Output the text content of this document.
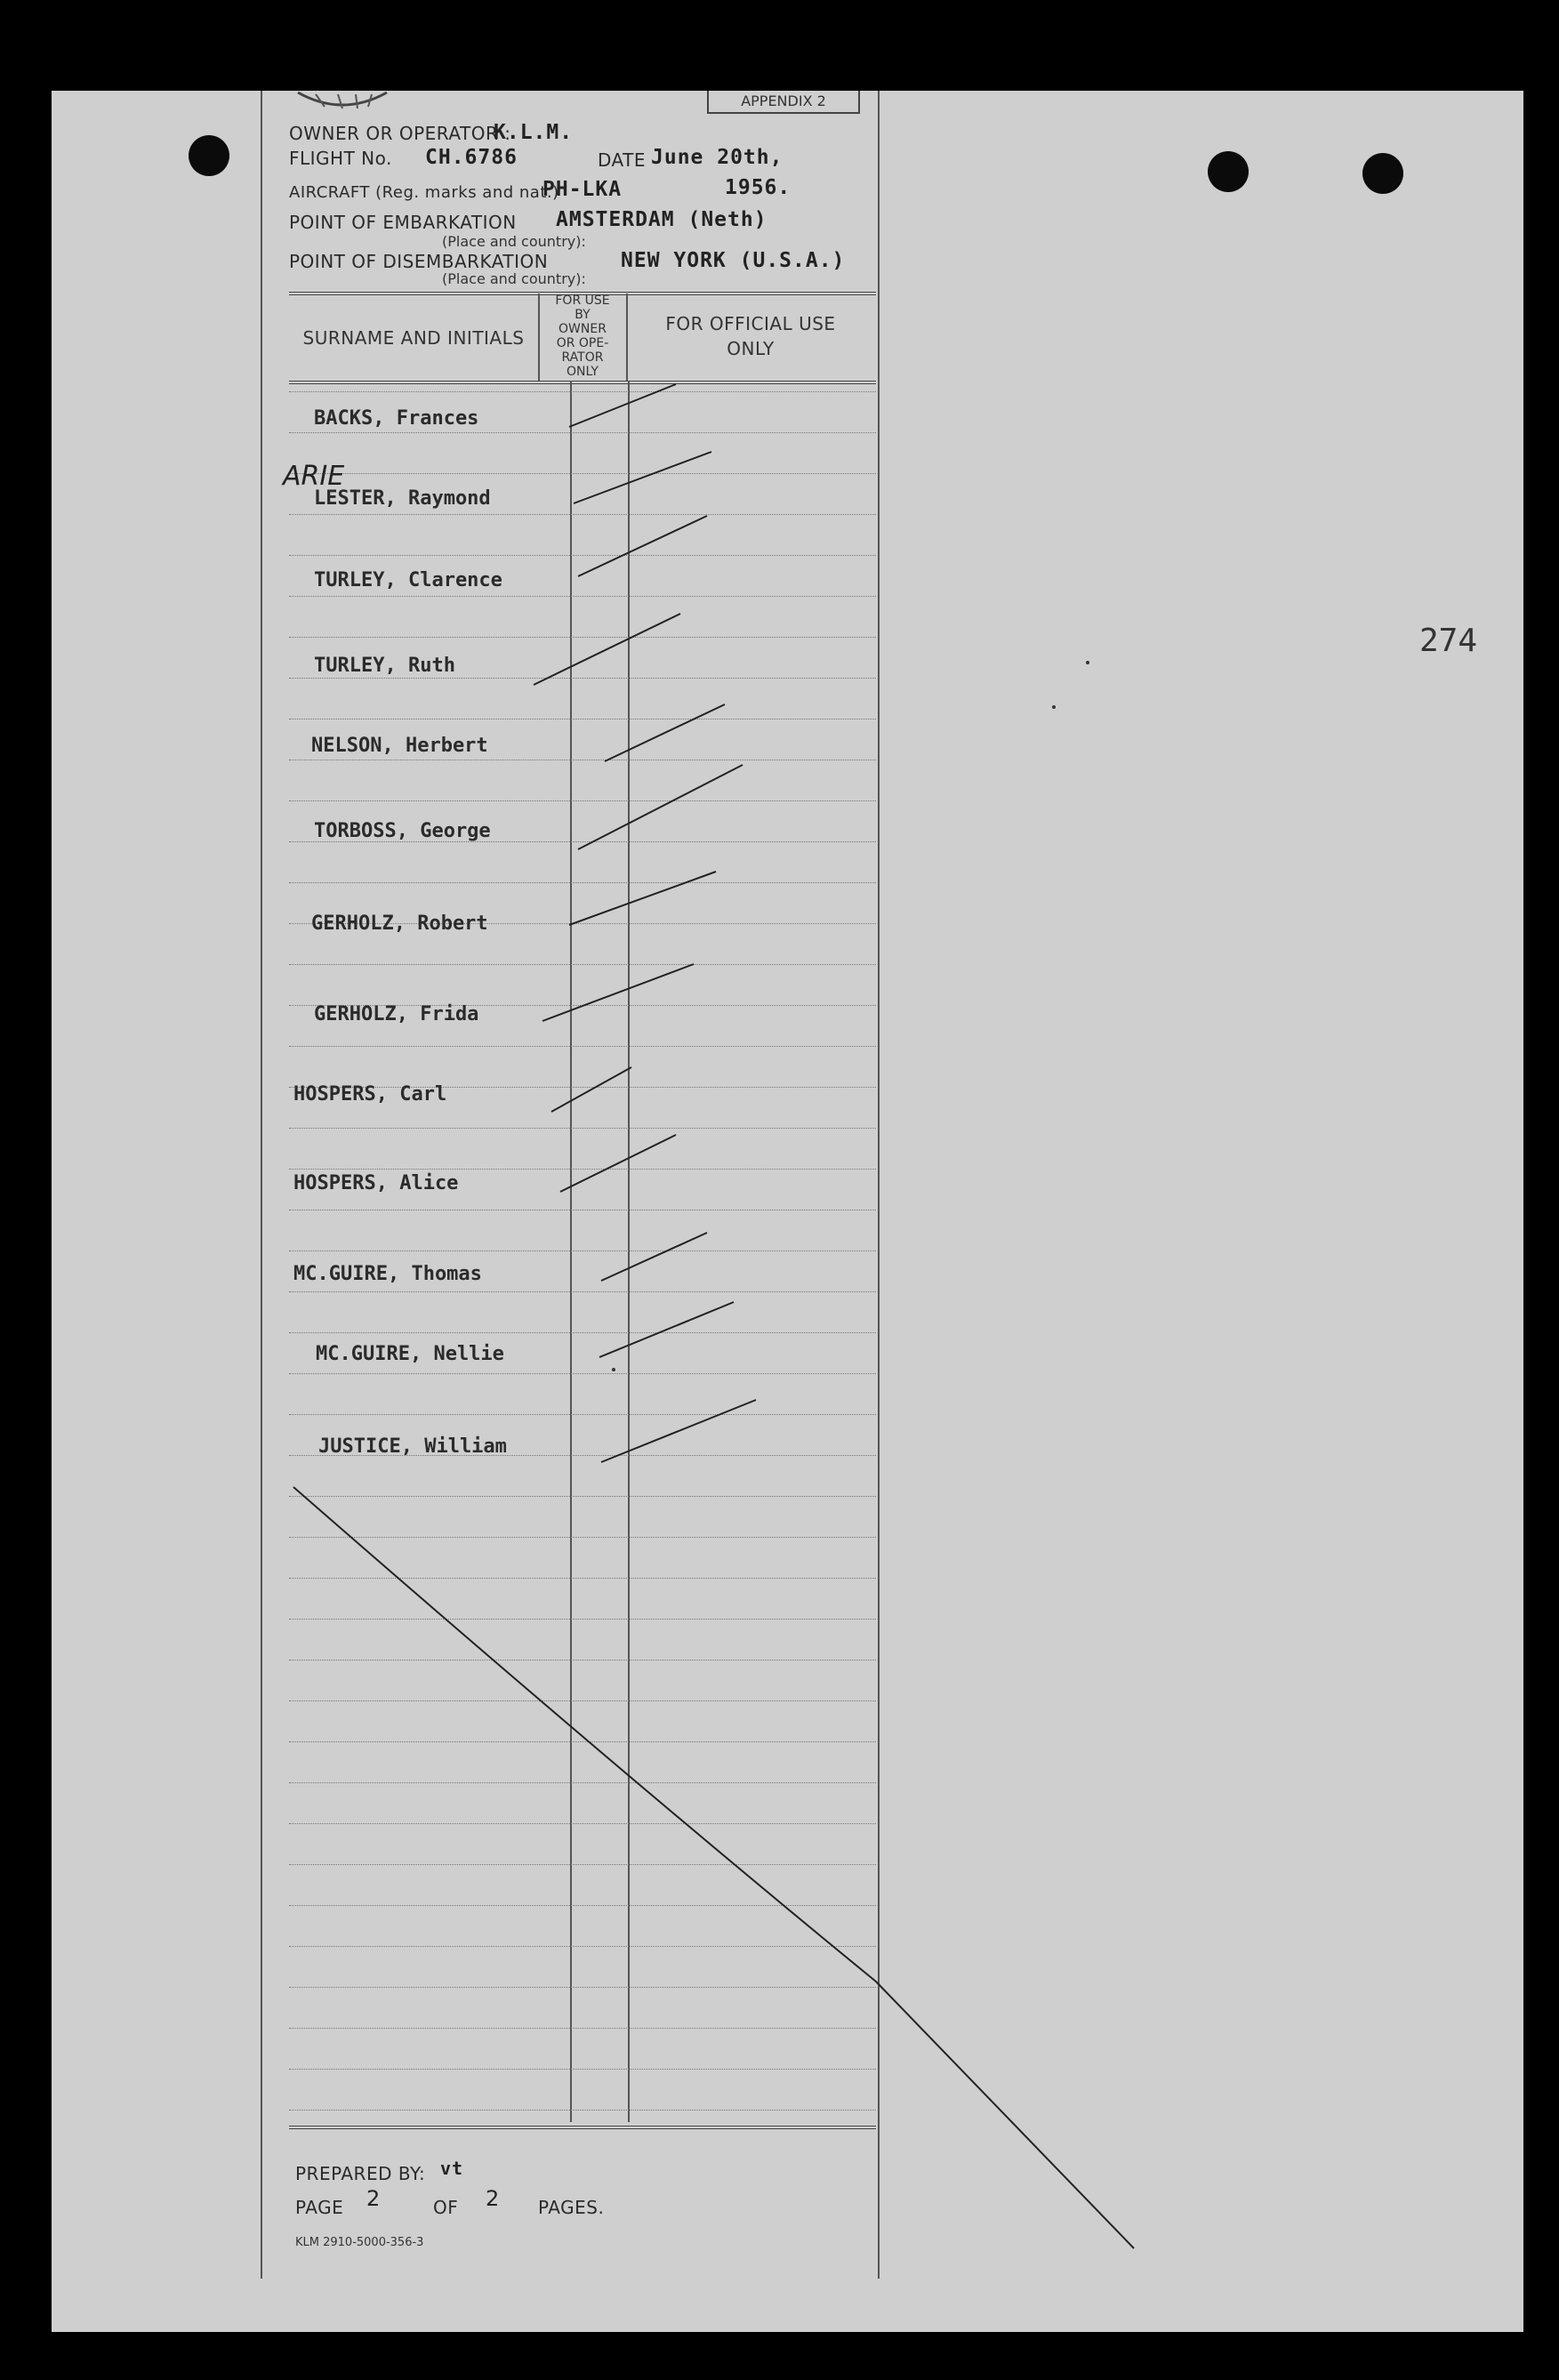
APPENDIX 2
OWNER OR OPERATOR :
K.L.M.
FLIGHT No. CH.6786	DATE June 20th,
AIRCRAFT (Reg. marks and nat.)
PH-LKA	1956.
POINT OF EMBARKATION AMSTERDAM (Neth)
(Place and country):
POINT OF DISEMBARKATION	NEW YORK (U.S.A.)
(Place and country):
SURNAME AND INITIALS
FOR USE
BY
OWNER
OR OPE-
RATOR
ONLY
FOR OFFICIAL USE
ONLY
BACKS, Frances
LESTER, Raymond
TURLEY, Clarence
TURLEY, Ruth
NELSON, Herbert
TORBOSS, George
GERHOLZ, Robert
GERHOLZ, Frida
HOSPERS, Carl
HOSPERS, Alice
MC.GUIRE, Thomas
MC.GUIRE, Nellie
JUSTICE, William
ARIE
274
PREPARED BY: vt
PAGE 2	OF 2 PAGES.
KLM 2910-5000-356-3
